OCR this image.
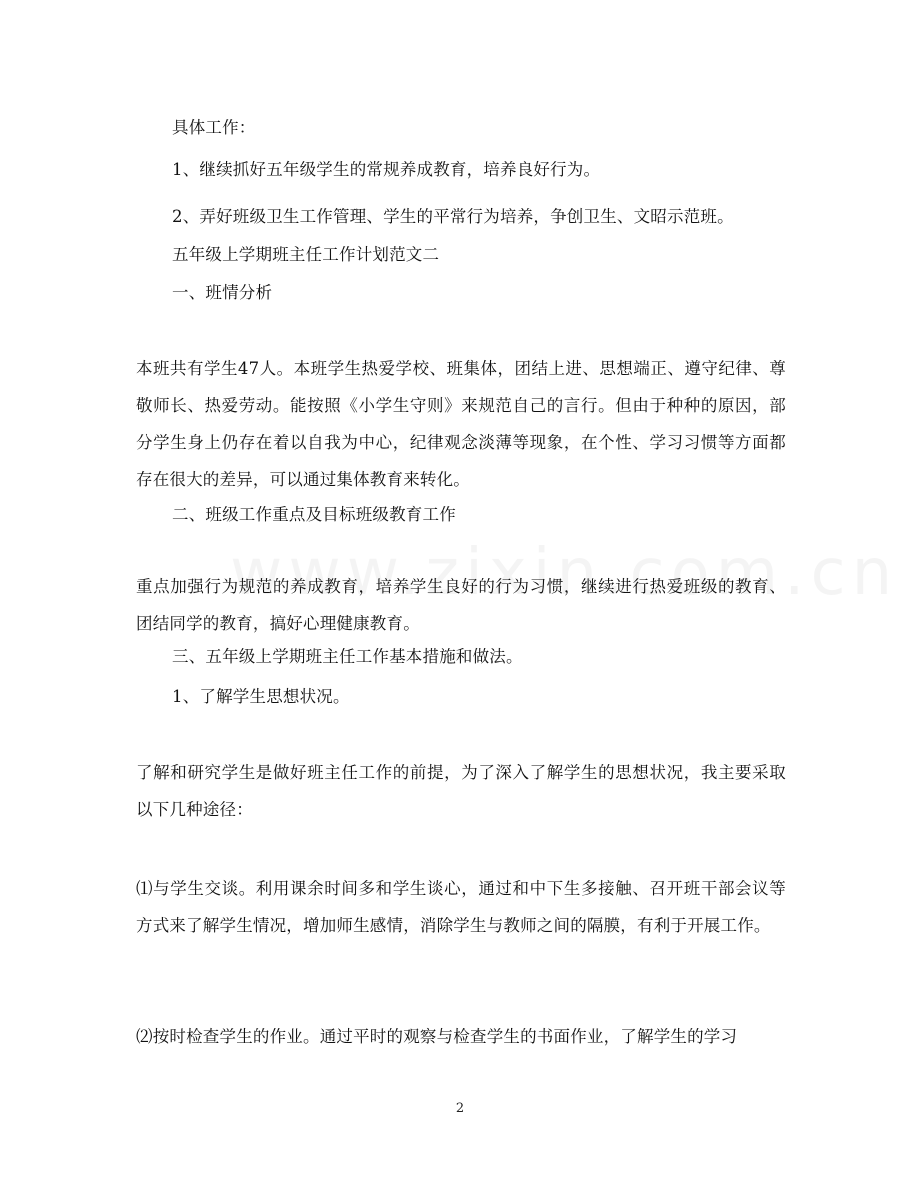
具体工作：
1、继续抓好五年级学生的常规养成教育，培养良好行为。
2、弄好班级卫生工作管理、学生的平常行为培养，争创卫生、文昭示范班。
五年级上学期班主任工作计划范文二
一、班情分析
本班共有学生47人。本班学生热爱学校、班集体，团结上进、思想端正、遵守纪律、尊敬师长、热爱劳动。能按照《小学生守则》来规范自己的言行。但由于种种的原因，部分学生身上仍存在着以自我为中心，纪律观念淡薄等现象，在个性、学习习惯等方面都存在很大的差异，可以通过集体教育来转化。
二、班级工作重点及目标班级教育工作
重点加强行为规范的养成教育，培养学生良好的行为习惯，继续进行热爱班级的教育、团结同学的教育，搞好心理健康教育。
三、五年级上学期班主任工作基本措施和做法。
1、了解学生思想状况。
了解和研究学生是做好班主任工作的前提，为了深入了解学生的思想状况，我主要采取以下几种途径：
⑴与学生交谈。利用课余时间多和学生谈心，通过和中下生多接触、召开班干部会议等方式来了解学生情况，增加师生感情，消除学生与教师之间的隔膜，有利于开展工作。
⑵按时检查学生的作业。通过平时的观察与检查学生的书面作业，了解学生的学习
2
